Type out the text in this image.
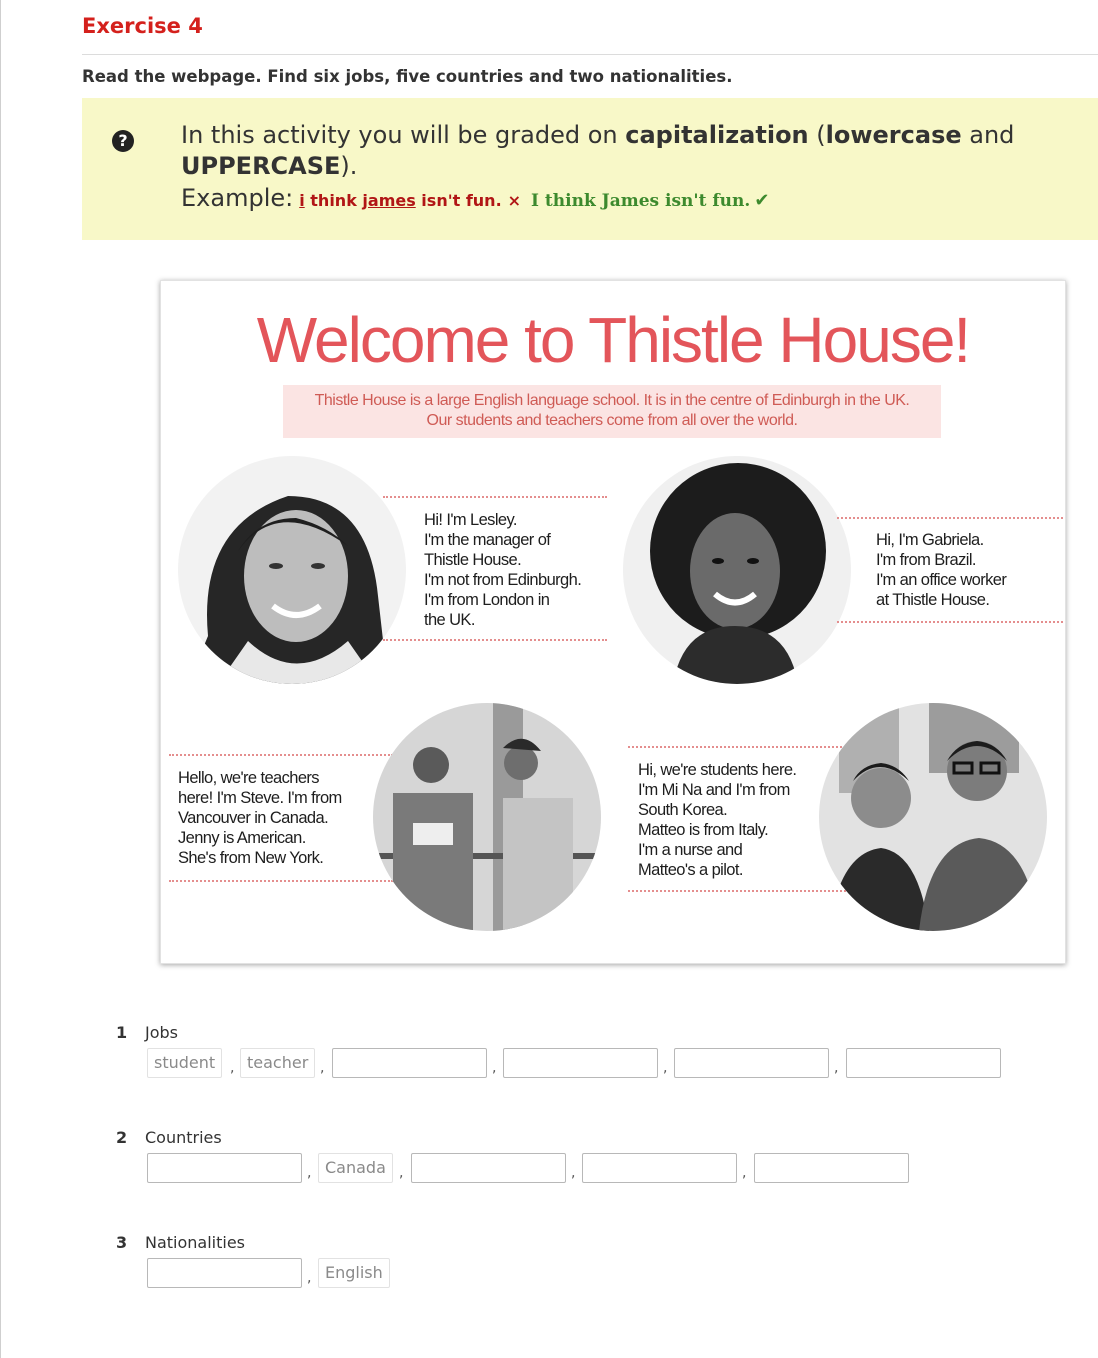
Exercise 4
Read the webpage. Find six jobs, five countries and two nationalities.
? In this activity you will be graded on capitalization (lowercase and
UPPERCASE).
Example: i think james isn't fun. × I think James isn't fun. ✔
Welcome to Thistle House!
Thistle House is a large English language school. It is in the centre of Edinburgh in the UK.
Our students and teachers come from all over the world.
Hi! I'm Lesley.
I'm the manager of
Thistle House.
I'm not from Edinburgh.
I'm from London in
the UK.
Hi, I'm Gabriela.
I'm from Brazil.
I'm an office worker
at Thistle House.
Hello, we're teachers
here! I'm Steve. I'm from
Vancouver in Canada.
Jenny is American.
She's from New York.
Hi, we're students here.
I'm Mi Na and I'm from
South Korea.
Matteo is from Italy.
I'm a nurse and
Matteo's a pilot.
1 Jobs
student	, teacher ,	,	,	,
2 Countries
, Canada ,	,	,
3 Nationalities
, English
